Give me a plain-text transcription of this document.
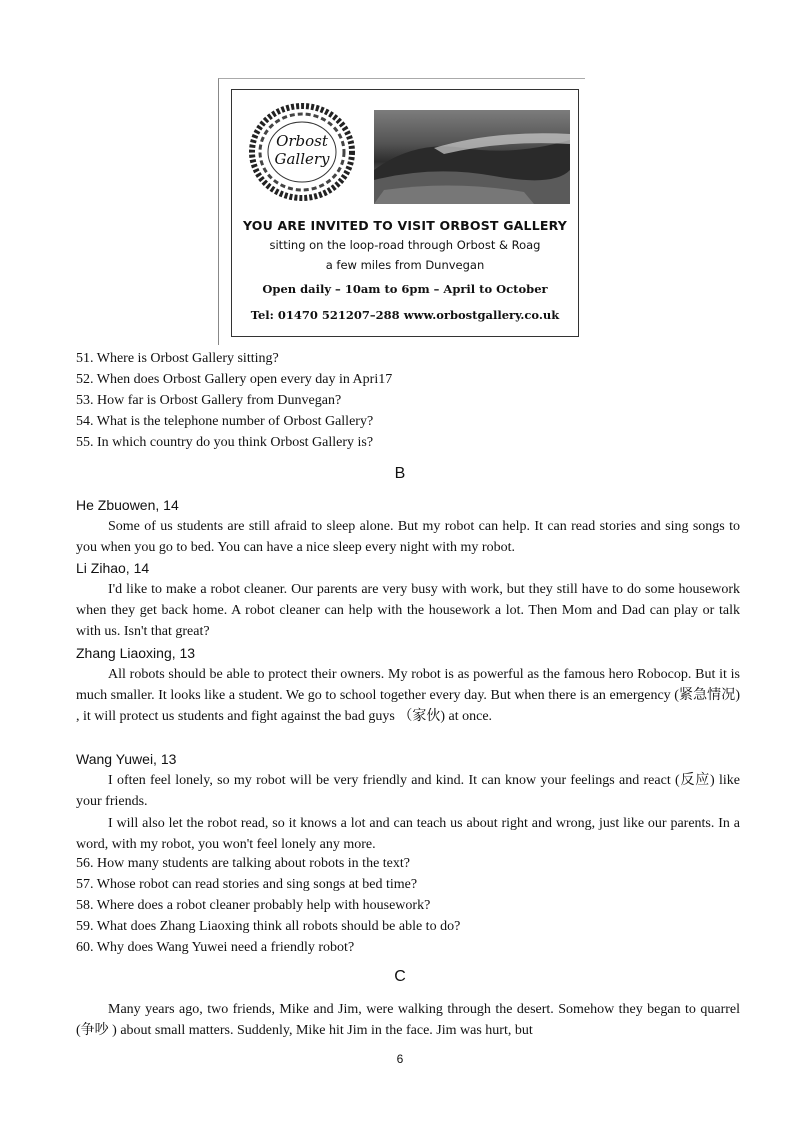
Orbost
Gallery
YOU ARE INVITED TO VISIT ORBOST GALLERY
sitting on the loop-road through Orbost & Roag
a few miles from Dunvegan
Open daily – 10am to 6pm – April to October
Tel: 01470 521207–288 www.orbostgallery.co.uk
51. Where is Orbost Gallery sitting?
52. When does Orbost Gallery open every day in Apri17
53. How far is Orbost Gallery from Dunvegan?
54. What is the telephone number of Orbost Gallery?
55. In which country do you think Orbost Gallery is?
B
He Zbuowen, 14

Some of us students are still afraid to sleep alone. But my robot can help. It can read stories and sing songs to you when you go to bed. You can have a nice sleep every night with my robot.

Li Zihao, 14

I'd like to make a robot cleaner. Our parents are very busy with work, but they still have to do some housework when they get back home. A robot cleaner can help with the housework a lot. Then Mom and Dad can play or talk with us. Isn't that great?

Zhang Liaoxing, 13

All robots should be able to protect their owners. My robot is as powerful as the famous hero Robocop. But it is much smaller. It looks like a student. We go to school together every day. But when there is an emergency (紧急情况) , it will protect us students and fight against the bad guys （家伙) at once.

Wang Yuwei, 13

I often feel lonely, so my robot will be very friendly and kind. It can know your feelings and react (反应) like your friends.

I will also let the robot read, so it knows a lot and can teach us about right and wrong, just like our parents. In a word, with my robot, you won't feel lonely any more.

56. How many students are talking about robots in the text?
57. Whose robot can read stories and sing songs at bed time?
58. Where does a robot cleaner probably help with housework?
59. What does Zhang Liaoxing think all robots should be able to do?
60. Why does Wang Yuwei need a friendly robot?
C

Many years ago, two friends, Mike and Jim, were walking through the desert. Somehow they began to quarrel (争吵 ) about small matters. Suddenly, Mike hit Jim in the face. Jim was hurt, but

6
